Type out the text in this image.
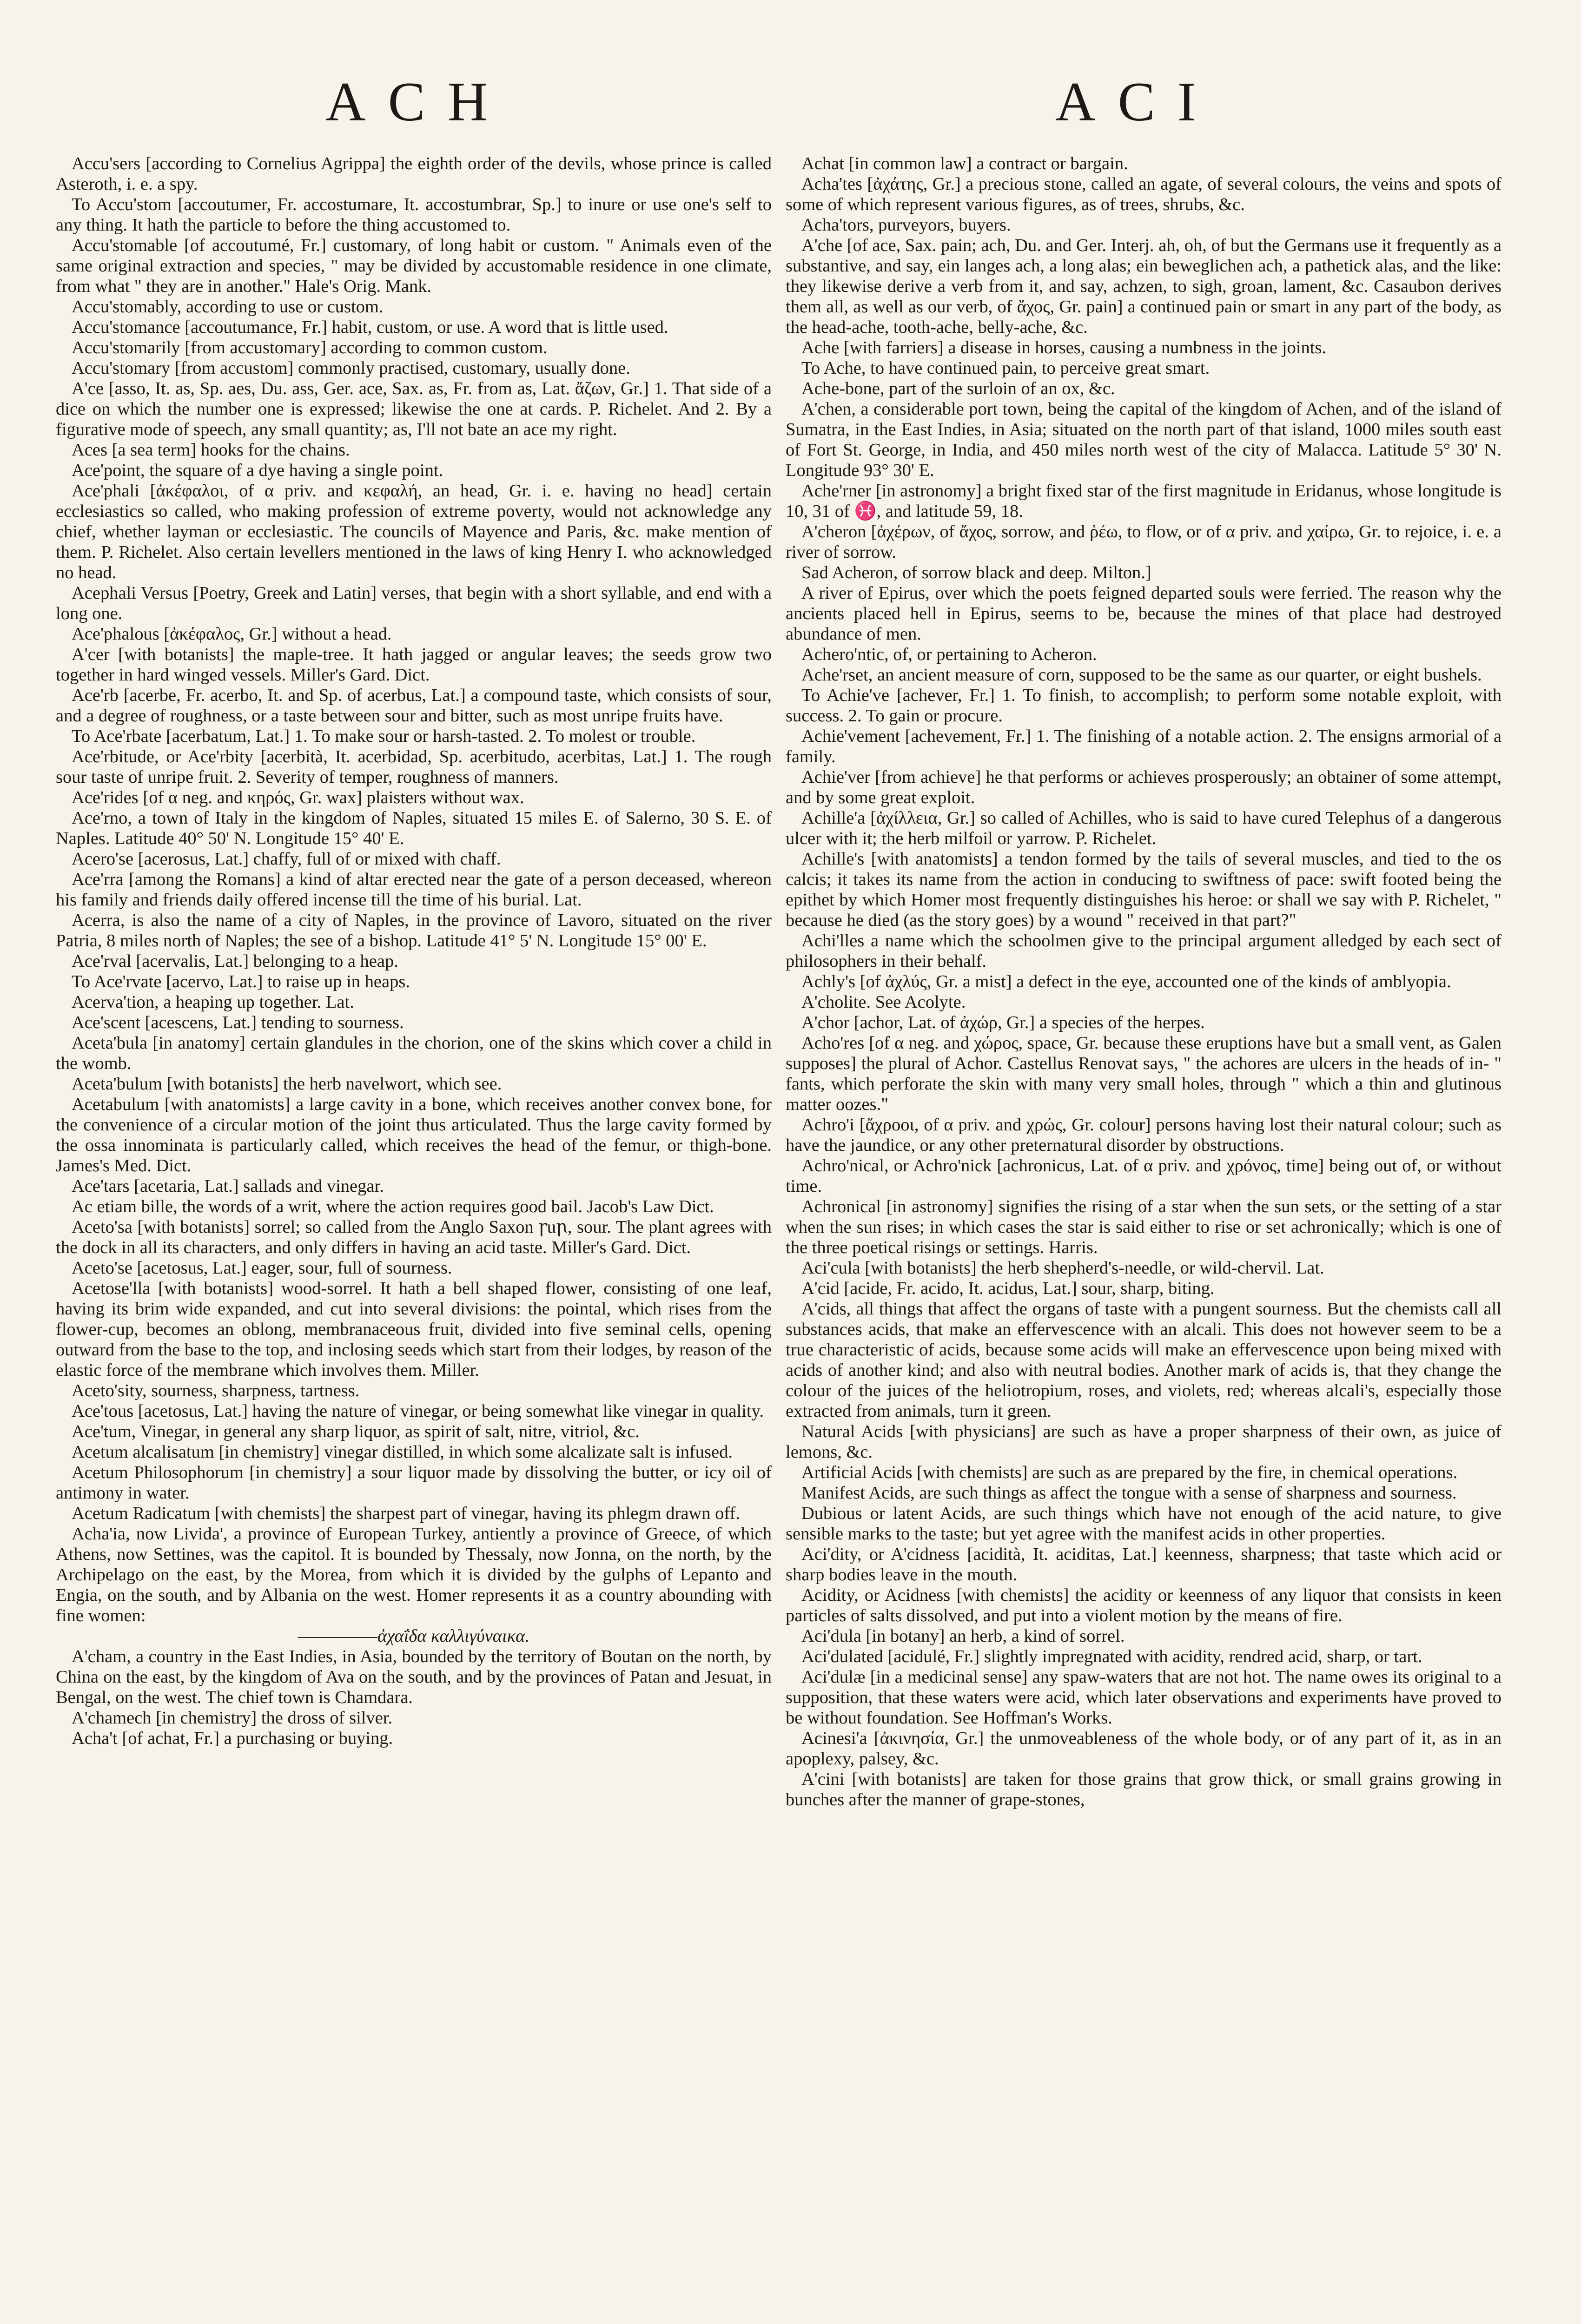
ACH	ACI

Accu'sers [according to Cornelius Agrippa] the eighth order of the devils, whose prince is called Asteroth, i. e. a spy.

To Accu'stom [accoutumer, Fr. accostumare, It. accostumbrar, Sp.] to inure or use one's self to any thing. It hath the particle to before the thing accustomed to.

Accu'stomable [of accoutumé, Fr.] customary, of long habit or custom. " Animals even of the same original extraction and species, " may be divided by accustomable residence in one climate, from what " they are in another." Hale's Orig. Mank.

Accu'stomably, according to use or custom.

Accu'stomance [accoutumance, Fr.] habit, custom, or use. A word that is little used.

Accu'stomarily [from accustomary] according to common custom.

Accu'stomary [from accustom] commonly practised, customary, usually done.

A'ce [asso, It. as, Sp. aes, Du. ass, Ger. ace, Sax. as, Fr. from as, Lat. ἄζων, Gr.] 1. That side of a dice on which the number one is expressed; likewise the one at cards. P. Richelet. And 2. By a figurative mode of speech, any small quantity; as, I'll not bate an ace my right.

Aces [a sea term] hooks for the chains.

Ace'point, the square of a dye having a single point.

Ace'phali [ἀκέφαλοι, of α priv. and κεφαλή, an head, Gr. i. e. having no head] certain ecclesiastics so called, who making profession of extreme poverty, would not acknowledge any chief, whether layman or ecclesiastic. The councils of Mayence and Paris, &c. make mention of them. P. Richelet. Also certain levellers mentioned in the laws of king Henry I. who acknowledged no head.

Acephali Versus [Poetry, Greek and Latin] verses, that begin with a short syllable, and end with a long one.

Ace'phalous [ἀκέφαλος, Gr.] without a head.

A'cer [with botanists] the maple-tree. It hath jagged or angular leaves; the seeds grow two together in hard winged vessels. Miller's Gard. Dict.

Ace'rb [acerbe, Fr. acerbo, It. and Sp. of acerbus, Lat.] a compound taste, which consists of sour, and a degree of roughness, or a taste between sour and bitter, such as most unripe fruits have.

To Ace'rbate [acerbatum, Lat.] 1. To make sour or harsh-tasted. 2. To molest or trouble.

Ace'rbitude, or Ace'rbity [acerbità, It. acerbidad, Sp. acerbitudo, acerbitas, Lat.] 1. The rough sour taste of unripe fruit. 2. Severity of temper, roughness of manners.

Ace'rides [of α neg. and κηρός, Gr. wax] plaisters without wax.

Ace'rno, a town of Italy in the kingdom of Naples, situated 15 miles E. of Salerno, 30 S. E. of Naples. Latitude 40° 50' N. Longitude 15° 40' E.

Acero'se [acerosus, Lat.] chaffy, full of or mixed with chaff.

Ace'rra [among the Romans] a kind of altar erected near the gate of a person deceased, whereon his family and friends daily offered incense till the time of his burial. Lat.

Acerra, is also the name of a city of Naples, in the province of Lavoro, situated on the river Patria, 8 miles north of Naples; the see of a bishop. Latitude 41° 5' N. Longitude 15° 00' E.

Ace'rval [acervalis, Lat.] belonging to a heap.

To Ace'rvate [acervo, Lat.] to raise up in heaps.

Acerva'tion, a heaping up together. Lat.

Ace'scent [acescens, Lat.] tending to sourness.

Aceta'bula [in anatomy] certain glandules in the chorion, one of the skins which cover a child in the womb.

Aceta'bulum [with botanists] the herb navelwort, which see.

Acetabulum [with anatomists] a large cavity in a bone, which receives another convex bone, for the convenience of a circular motion of the joint thus articulated. Thus the large cavity formed by the ossa innominata is particularly called, which receives the head of the femur, or thigh-bone. James's Med. Dict.

Ace'tars [acetaria, Lat.] sallads and vinegar.

Ac etiam bille, the words of a writ, where the action requires good bail. Jacob's Law Dict.

Aceto'sa [with botanists] sorrel; so called from the Anglo Saxon ꞅuꞃ, sour. The plant agrees with the dock in all its characters, and only differs in having an acid taste. Miller's Gard. Dict.

Aceto'se [acetosus, Lat.] eager, sour, full of sourness.

Acetose'lla [with botanists] wood-sorrel. It hath a bell shaped flower, consisting of one leaf, having its brim wide expanded, and cut into several divisions: the pointal, which rises from the flower-cup, becomes an oblong, membranaceous fruit, divided into five seminal cells, opening outward from the base to the top, and inclosing seeds which start from their lodges, by reason of the elastic force of the membrane which involves them. Miller.

Aceto'sity, sourness, sharpness, tartness.

Ace'tous [acetosus, Lat.] having the nature of vinegar, or being somewhat like vinegar in quality.

Ace'tum, Vinegar, in general any sharp liquor, as spirit of salt, nitre, vitriol, &c.

Acetum alcalisatum [in chemistry] vinegar distilled, in which some alcalizate salt is infused.

Acetum Philosophorum [in chemistry] a sour liquor made by dissolving the butter, or icy oil of antimony in water.

Acetum Radicatum [with chemists] the sharpest part of vinegar, having its phlegm drawn off.

Acha'ia, now Livida', a province of European Turkey, antiently a province of Greece, of which Athens, now Settines, was the capitol. It is bounded by Thessaly, now Jonna, on the north, by the Archipelago on the east, by the Morea, from which it is divided by the gulphs of Lepanto and Engia, on the south, and by Albania on the west. Homer represents it as a country abounding with fine women:

—————ἀχαΐδα καλλιγύναικα.

A'cham, a country in the East Indies, in Asia, bounded by the territory of Boutan on the north, by China on the east, by the kingdom of Ava on the south, and by the provinces of Patan and Jesuat, in Bengal, on the west. The chief town is Chamdara.

A'chamech [in chemistry] the dross of silver.

Acha't [of achat, Fr.] a purchasing or buying.

Achat [in common law] a contract or bargain.

Acha'tes [ἀχάτης, Gr.] a precious stone, called an agate, of several colours, the veins and spots of some of which represent various figures, as of trees, shrubs, &c.

Acha'tors, purveyors, buyers.

A'che [of ace, Sax. pain; ach, Du. and Ger. Interj. ah, oh, of but the Germans use it frequently as a substantive, and say, ein langes ach, a long alas; ein beweglichen ach, a pathetick alas, and the like: they likewise derive a verb from it, and say, achzen, to sigh, groan, lament, &c. Casaubon derives them all, as well as our verb, of ἄχος, Gr. pain] a continued pain or smart in any part of the body, as the head-ache, tooth-ache, belly-ache, &c.

Ache [with farriers] a disease in horses, causing a numbness in the joints.

To Ache, to have continued pain, to perceive great smart.

Ache-bone, part of the surloin of an ox, &c.

A'chen, a considerable port town, being the capital of the kingdom of Achen, and of the island of Sumatra, in the East Indies, in Asia; situated on the north part of that island, 1000 miles south east of Fort St. George, in India, and 450 miles north west of the city of Malacca. Latitude 5° 30' N. Longitude 93° 30' E.

Ache'rner [in astronomy] a bright fixed star of the first magnitude in Eridanus, whose longitude is 10, 31 of ♓, and latitude 59, 18.

A'cheron [ἀχέρων, of ἄχος, sorrow, and ῥέω, to flow, or of α priv. and χαίρω, Gr. to rejoice, i. e. a river of sorrow.

Sad Acheron, of sorrow black and deep. Milton.]

A river of Epirus, over which the poets feigned departed souls were ferried. The reason why the ancients placed hell in Epirus, seems to be, because the mines of that place had destroyed abundance of men.

Achero'ntic, of, or pertaining to Acheron.

Ache'rset, an ancient measure of corn, supposed to be the same as our quarter, or eight bushels.

To Achie've [achever, Fr.] 1. To finish, to accomplish; to perform some notable exploit, with success. 2. To gain or procure.

Achie'vement [achevement, Fr.] 1. The finishing of a notable action. 2. The ensigns armorial of a family.

Achie'ver [from achieve] he that performs or achieves prosperously; an obtainer of some attempt, and by some great exploit.

Achille'a [ἀχίλλεια, Gr.] so called of Achilles, who is said to have cured Telephus of a dangerous ulcer with it; the herb milfoil or yarrow. P. Richelet.

Achille's [with anatomists] a tendon formed by the tails of several muscles, and tied to the os calcis; it takes its name from the action in conducing to swiftness of pace: swift footed being the epithet by which Homer most frequently distinguishes his heroe: or shall we say with P. Richelet, " because he died (as the story goes) by a wound " received in that part?"

Achi'lles a name which the schoolmen give to the principal argument alledged by each sect of philosophers in their behalf.

Achly's [of ἀχλύς, Gr. a mist] a defect in the eye, accounted one of the kinds of amblyopia.

A'cholite. See Acolyte.

A'chor [achor, Lat. of ἀχώρ, Gr.] a species of the herpes.

Acho'res [of α neg. and χώρος, space, Gr. because these eruptions have but a small vent, as Galen supposes] the plural of Achor. Castellus Renovat says, " the achores are ulcers in the heads of in- " fants, which perforate the skin with many very small holes, through " which a thin and glutinous matter oozes."

Achro'i [ἄχροοι, of α priv. and χρώς, Gr. colour] persons having lost their natural colour; such as have the jaundice, or any other preternatural disorder by obstructions.

Achro'nical, or Achro'nick [achronicus, Lat. of α priv. and χρόνος, time] being out of, or without time.

Achronical [in astronomy] signifies the rising of a star when the sun sets, or the setting of a star when the sun rises; in which cases the star is said either to rise or set achronically; which is one of the three poetical risings or settings. Harris.

Aci'cula [with botanists] the herb shepherd's-needle, or wild-chervil. Lat.

A'cid [acide, Fr. acido, It. acidus, Lat.] sour, sharp, biting.

A'cids, all things that affect the organs of taste with a pungent sourness. But the chemists call all substances acids, that make an effervescence with an alcali. This does not however seem to be a true characteristic of acids, because some acids will make an effervescence upon being mixed with acids of another kind; and also with neutral bodies. Another mark of acids is, that they change the colour of the juices of the heliotropium, roses, and violets, red; whereas alcali's, especially those extracted from animals, turn it green.

Natural Acids [with physicians] are such as have a proper sharpness of their own, as juice of lemons, &c.

Artificial Acids [with chemists] are such as are prepared by the fire, in chemical operations.

Manifest Acids, are such things as affect the tongue with a sense of sharpness and sourness.

Dubious or latent Acids, are such things which have not enough of the acid nature, to give sensible marks to the taste; but yet agree with the manifest acids in other properties.

Aci'dity, or A'cidness [acidità, It. aciditas, Lat.] keenness, sharpness; that taste which acid or sharp bodies leave in the mouth.

Acidity, or Acidness [with chemists] the acidity or keenness of any liquor that consists in keen particles of salts dissolved, and put into a violent motion by the means of fire.

Aci'dula [in botany] an herb, a kind of sorrel.

Aci'dulated [acidulé, Fr.] slightly impregnated with acidity, rendred acid, sharp, or tart.

Aci'dulæ [in a medicinal sense] any spaw-waters that are not hot. The name owes its original to a supposition, that these waters were acid, which later observations and experiments have proved to be without foundation. See Hoffman's Works.

Acinesi'a [ἀκινησία, Gr.] the unmoveableness of the whole body, or of any part of it, as in an apoplexy, palsey, &c.

A'cini [with botanists] are taken for those grains that grow thick, or small grains growing in bunches after the manner of grape-stones,
